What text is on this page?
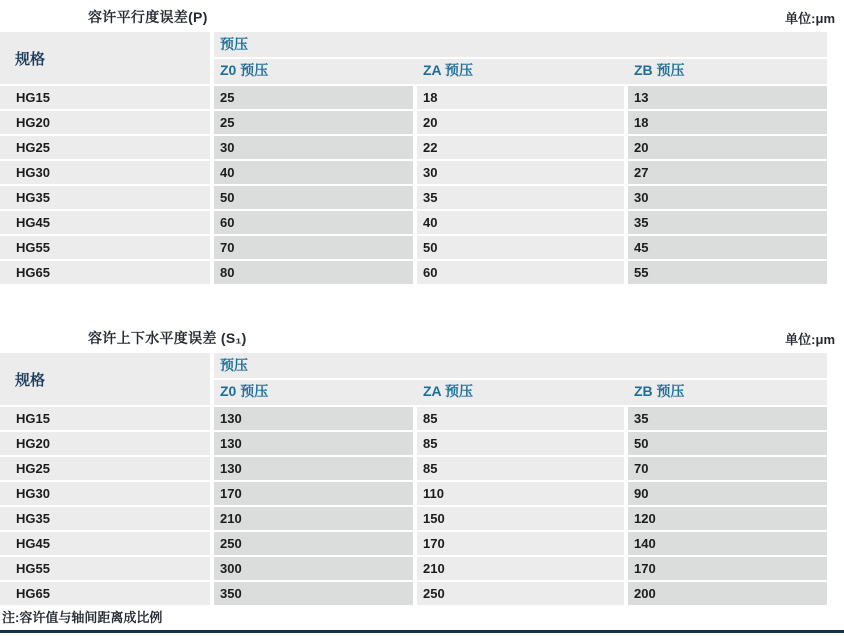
容许平行度误差(P)	单位:μm
规格
预压
Z0 预压	ZA 预压	ZB 预压
HG15	25	18	13
HG20	25	20	18
HG25	30	22	20
HG30	40	30	27
HG35	50	35	30
HG45	60	40	35
HG55	70	50	45
HG65	80	60	55
容许上下水平度误差 (S₁)	单位:μm
规格
预压
Z0 预压	ZA 预压	ZB 预压
HG15	130	85	35
HG20	130	85	50
HG25	130	85	70
HG30	170	110	90
HG35	210	150	120
HG45	250	170	140
HG55	300	210	170
HG65	350	250	200
注:容许值与轴间距离成比例
